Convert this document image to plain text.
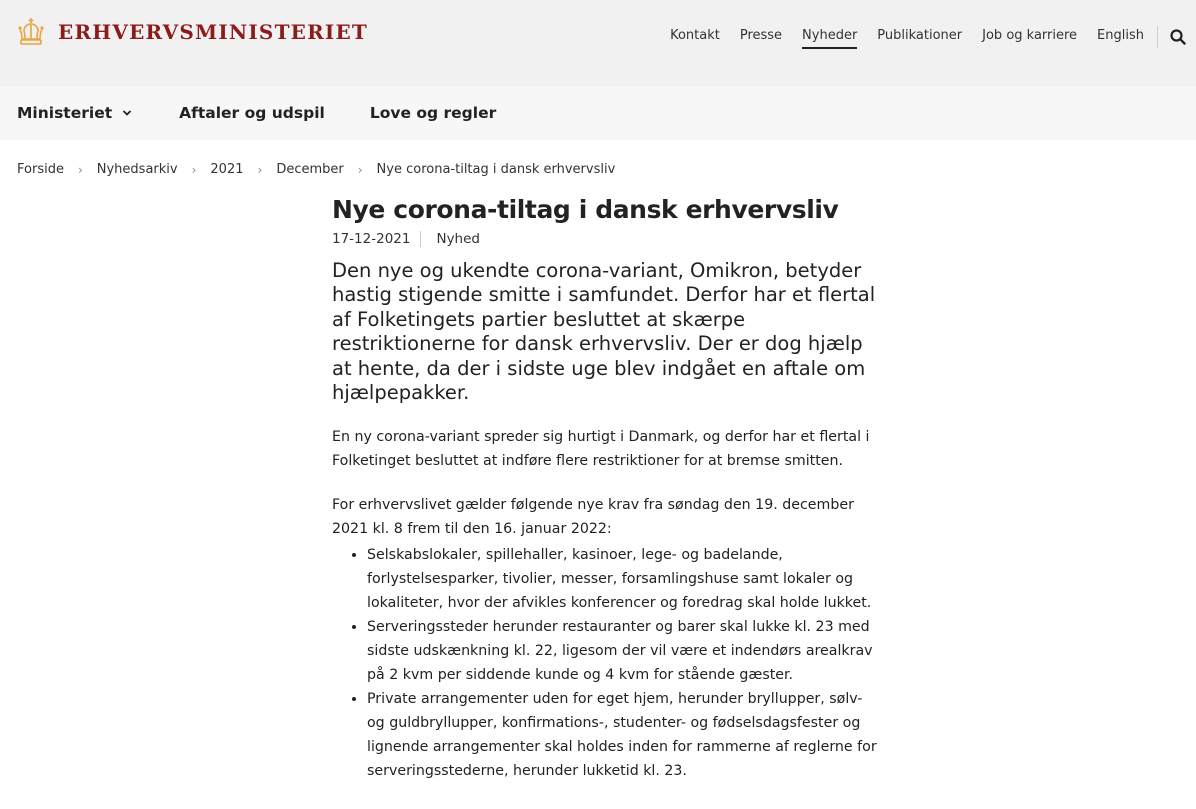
ERHVERVSMINISTERIET	Kontakt Presse Nyheder Publikationer Job og karriere English
Ministeriet	Aftaler og udspil	Love og regler
Forside › Nyhedsarkiv › 2021 › December › Nye corona-tiltag i dansk erhvervsliv
Nye corona-tiltag i dansk erhvervsliv
17-12-2021 Nyhed
Den nye og ukendte corona-variant, Omikron, betyder hastig stigende smitte i samfundet. Derfor har et flertal af Folketingets partier besluttet at skærpe restriktionerne for dansk erhvervsliv. Der er dog hjælp at hente, da der i sidste uge blev indgået en aftale om hjælpepakker.

En ny corona-variant spreder sig hurtigt i Danmark, og derfor har et flertal i Folketinget besluttet at indføre flere restriktioner for at bremse smitten.

For erhvervslivet gælder følgende nye krav fra søndag den 19. december 2021 kl. 8 frem til den 16. januar 2022:

• Selskabslokaler, spillehaller, kasinoer, lege- og badelande, forlystelsesparker, tivolier, messer, forsamlingshuse samt lokaler og lokaliteter, hvor der afvikles konferencer og foredrag skal holde lukket.
• Serveringssteder herunder restauranter og barer skal lukke kl. 23 med sidste udskænkning kl. 22, ligesom der vil være et indendørs arealkrav på 2 kvm per siddende kunde og 4 kvm for stående gæster.
• Private arrangementer uden for eget hjem, herunder bryllupper, sølv- og guldbryllupper, konfirmations-, studenter- og fødselsdagsfester og lignende arrangementer skal holdes inden for rammerne af reglerne for serveringsstederne, herunder lukketid kl. 23.
